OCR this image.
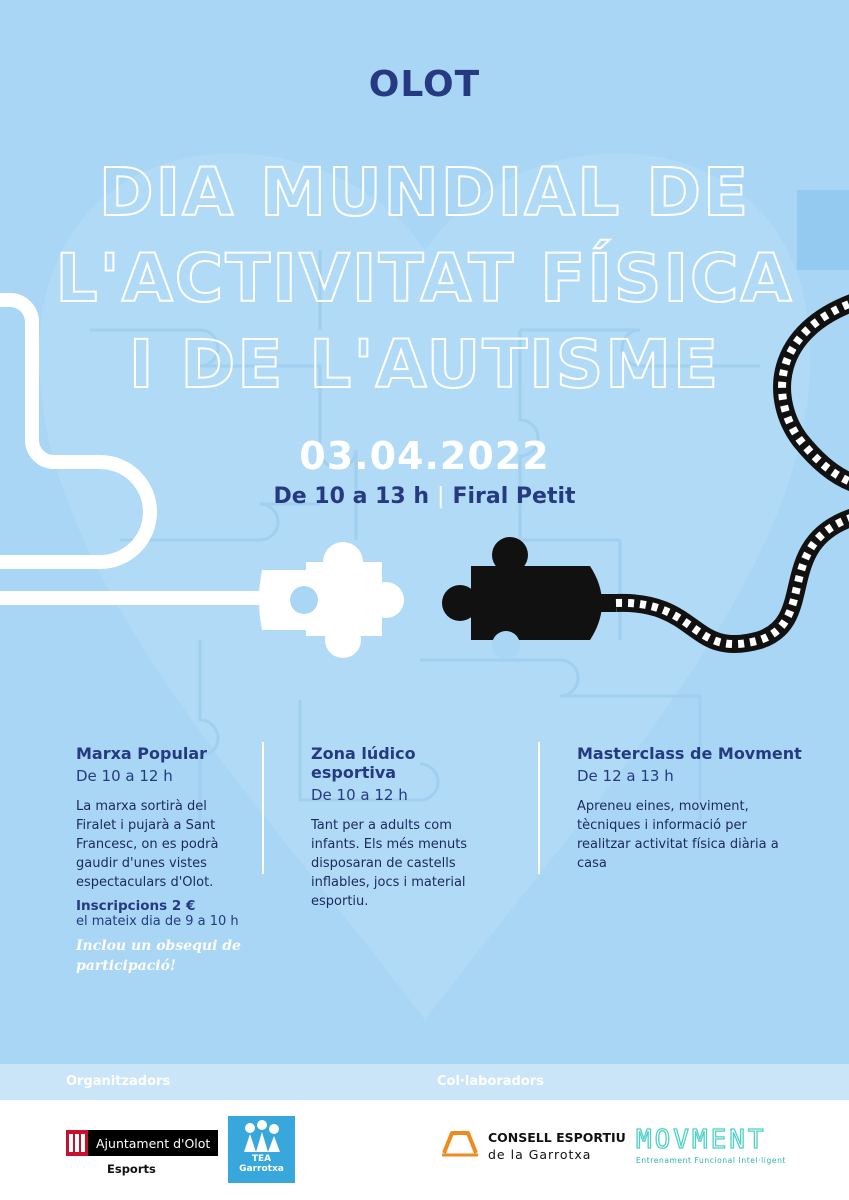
OLOT
DIA MUNDIAL DE
L'ACTIVITAT FÍSICA
I DE L'AUTISME
03.04.2022
De 10 a 13 h | Firal Petit
Marxa Popular
De 10 a 12 h

La marxa sortirà del Firalet i pujarà a Sant Francesc, on es podrà gaudir d'unes vistes espectaculars d'Olot.

Zona lúdico esportiva
De 10 a 12 h

Tant per a adults com infants. Els més menuts disposaran de castells inflables, jocs i material esportiu.

Masterclass de Movment
De 12 a 13 h

Apreneu eines, moviment, tècniques i informació per realitzar activitat física diària a casa

Inscripcions 2 €
el mateix dia de 9 a 10 h
Inclou un obsequi de participació!
Organitzadors	Col·laboradors
Ajuntament d'Olot
Esports
TEA Garrotxa
CONSELL ESPORTIU
de la Garrotxa MOVMENT
Entrenament Funcional Intel·ligent
